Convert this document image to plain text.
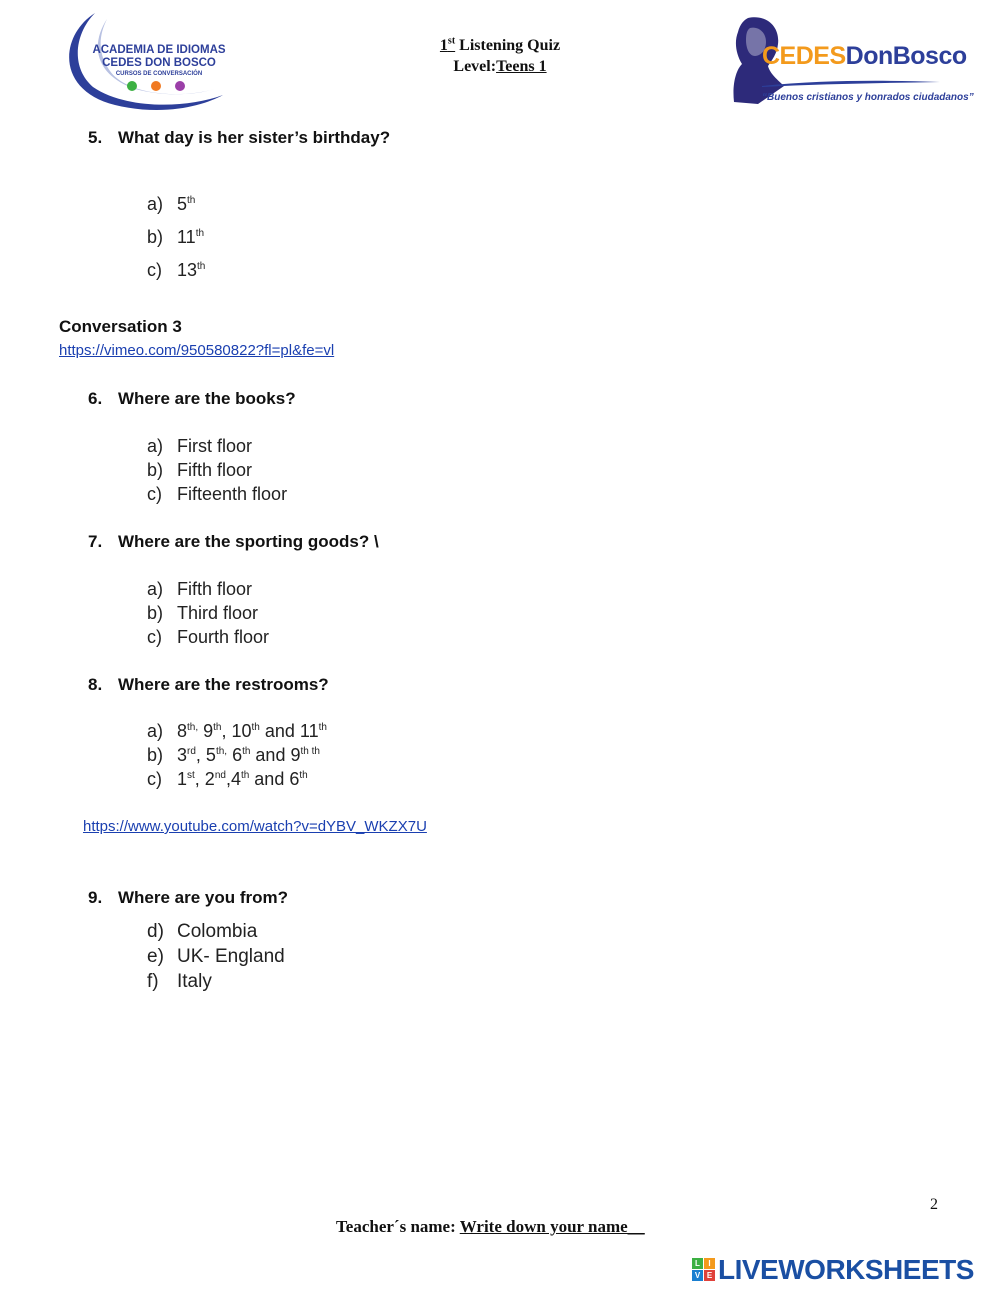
ACADEMIA DE IDIOMAS
CEDES DON BOSCO
CURSOS DE CONVERSACIÓN
1st Listening Quiz
Level:Teens 1	CEDESDonBosco
“Buenos cristianos y honrados ciudadanos”
5. What day is her sister’s birthday?
a) 5th
b) 11th
c) 13th
Conversation 3
https://vimeo.com/950580822?fl=pl&fe=vl
6. Where are the books?
a) First floor
b) Fifth floor
c) Fifteenth floor
7. Where are the sporting goods? \
a) Fifth floor
b) Third floor
c) Fourth floor
8. Where are the restrooms?
a) $8^{th,}$ 9th, 10th and 11th
b) 3rd, $5^{th,}$ 6th and $9^{th th}$
c) 1st, 2nd,4th and 6th
https://www.youtube.com/watch?v=dYBV_WKZX7U
9. Where are you from?
d) Colombia
e) UK- England
f) Italy
2
Teacher´s name: Write down your name__
L	I
V E LIVEWORKSHEETS
